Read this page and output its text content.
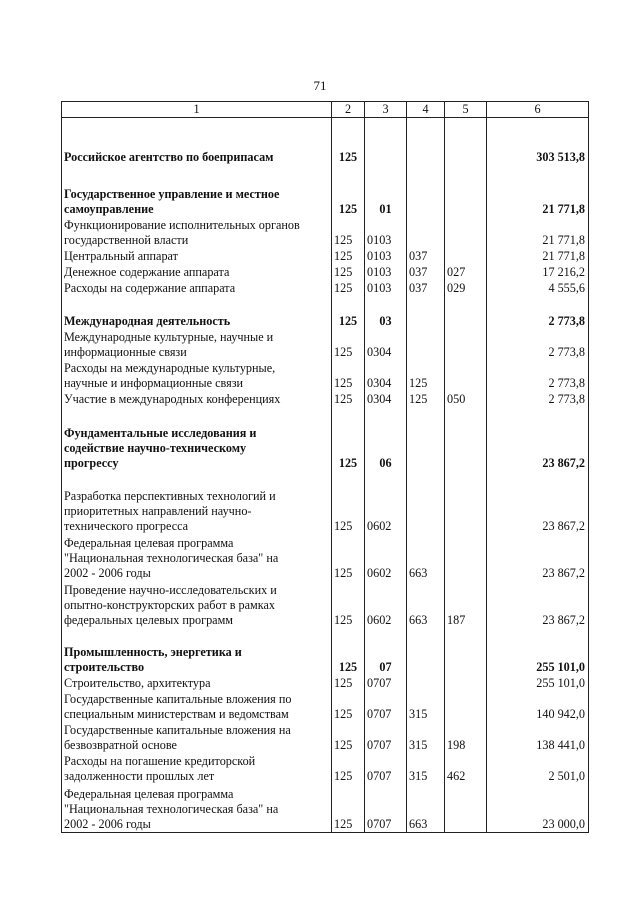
71
1	2	3	4	5	6
Российское агентство по боеприпасам	125				303 513,8
Государственное управление и местное
самоуправление	125	01			21 771,8
Функционирование исполнительных органов
государственной власти	125	0103			21 771,8
Центральный аппарат	125	0103	037		21 771,8
Денежное содержание аппарата	125	0103	037	027	17 216,2
Расходы на содержание аппарата	125	0103	037	029	4 555,6
Международная деятельность	125	03			2 773,8
Международные культурные, научные и
информационные связи	125	0304			2 773,8
Расходы на международные культурные,
научные и информационные связи	125	0304	125		2 773,8
Участие в международных конференциях	125	0304	125	050	2 773,8
Фундаментальные исследования и
содействие научно-техническому
прогрессу	125	06			23 867,2
Разработка перспективных технологий и
приоритетных направлений научно-
технического прогресса	125	0602			23 867,2
Федеральная целевая программа
"Национальная технологическая база" на
2002 - 2006 годы	125	0602	663		23 867,2
Проведение научно-исследовательских и
опытно-конструкторских работ в рамках
федеральных целевых программ	125	0602	663	187	23 867,2
Промышленность, энергетика и
строительство	125	07			255 101,0
Строительство, архитектура	125	0707			255 101,0
Государственные капитальные вложения по
специальным министерствам и ведомствам	125	0707	315		140 942,0
Государственные капитальные вложения на
безвозвратной основе	125	0707	315	198	138 441,0
Расходы на погашение кредиторской
задолженности прошлых лет	125	0707	315	462	2 501,0
Федеральная целевая программа
"Национальная технологическая база" на
2002 - 2006 годы	125	0707	663		23 000,0
